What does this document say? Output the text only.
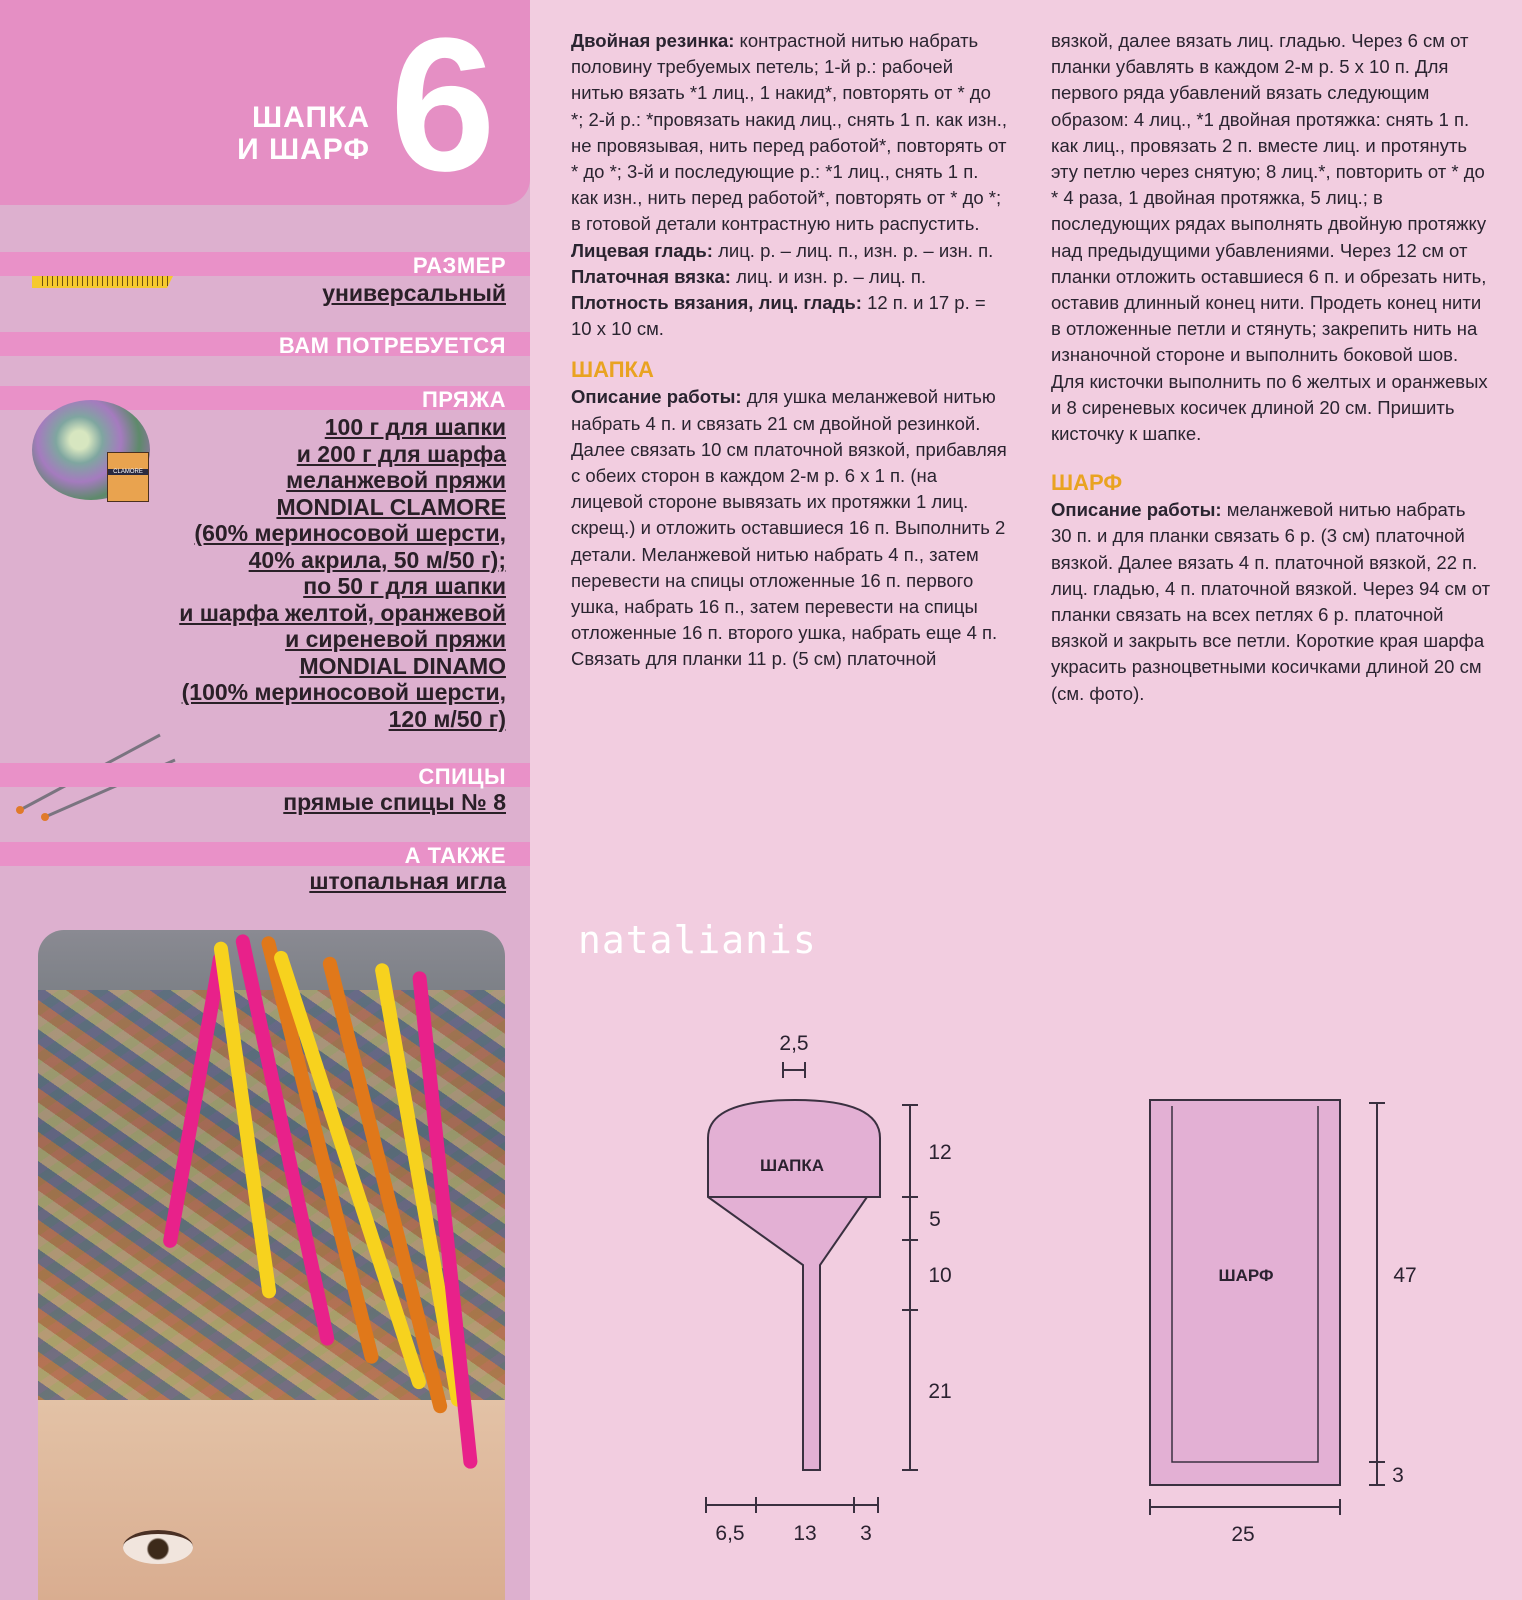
ШАПКА
И ШАРФ 6
РАЗМЕР
универсальный
ВАМ ПОТРЕБУЕТСЯ
ПРЯЖА
CLAMORE
100 г для шапки
и 200 г для шарфа
меланжевой пряжи
MONDIAL CLAMORE
(60% мериносовой шерсти,
40% акрила, 50 м/50 г);
по 50 г для шапки
и шарфа желтой, оранжевой
и сиреневой пряжи
MONDIAL DINAMO
(100% мериносовой шерсти,
120 м/50 г)
СПИЦЫ
прямые спицы № 8
А ТАКЖЕ
штопальная игла

Двойная резинка: контрастной нитью набрать половину требуемых петель; 1-й р.: рабочей нитью вязать *1 лиц., 1 накид*, повторять от * до *; 2-й р.: *провязать накид лиц., снять 1 п. как изн., не провязывая, нить перед работой*, повторять от * до *; 3-й и последующие р.: *1 лиц., снять 1 п. как изн., нить перед работой*, повторять от * до *; в готовой детали контрастную нить распустить.

Лицевая гладь: лиц. р. – лиц. п., изн. р. – изн. п.

Платочная вязка: лиц. и изн. р. – лиц. п.

Плотность вязания, лиц. гладь: 12 п. и 17 р. = 10 х 10 см.

ШАПКА

Описание работы: для ушка меланжевой нитью набрать 4 п. и связать 21 см двойной резинкой. Далее связать 10 см платочной вязкой, прибавляя с обеих сторон в каждом 2-м р. 6 х 1 п. (на лицевой стороне вывязать их протяжки 1 лиц. скрещ.) и отложить оставшиеся 16 п. Выполнить 2 детали. Меланжевой нитью набрать 4 п., затем перевести на спицы отложенные 16 п. первого ушка, набрать 16 п., затем перевести на спицы отложенные 16 п. второго ушка, набрать еще 4 п. Связать для планки 11 р. (5 см) платочной

вязкой, далее вязать лиц. гладью. Через 6 см от планки убавлять в каждом 2-м р. 5 х 10 п. Для первого ряда убавлений вязать следующим образом: 4 лиц., *1 двойная протяжка: снять 1 п. как лиц., провязать 2 п. вместе лиц. и протянуть эту петлю через снятую; 8 лиц.*, повторить от * до * 4 раза, 1 двойная протяжка, 5 лиц.; в последующих рядах выполнять двойную протяжку над предыдущими убавлениями. Через 12 см от планки отложить оставшиеся 6 п. и обрезать нить, оставив длинный конец нити. Продеть конец нити в отложенные петли и стянуть; закрепить нить на изнаночной стороне и выполнить боковой шов. Для кисточки выполнить по 6 желтых и оранжевых и 8 сиреневых косичек длиной 20 см. Пришить кисточку к шапке.

ШАРФ

Описание работы: меланжевой нитью набрать 30 п. и для планки связать 6 р. (3 см) платочной вязкой. Далее вязать 4 п. платочной вязкой, 22 п. лиц. гладью, 4 п. платочной вязкой. Через 94 см от планки связать на всех петлях 6 р. платочной вязкой и закрыть все петли. Короткие края шарфа украсить разноцветными косичками длиной 20 см (см. фото).

natalianis
ШАПКА
2,5
12
5
10
21
6,5 13 3
ШАРФ	47
3
25
